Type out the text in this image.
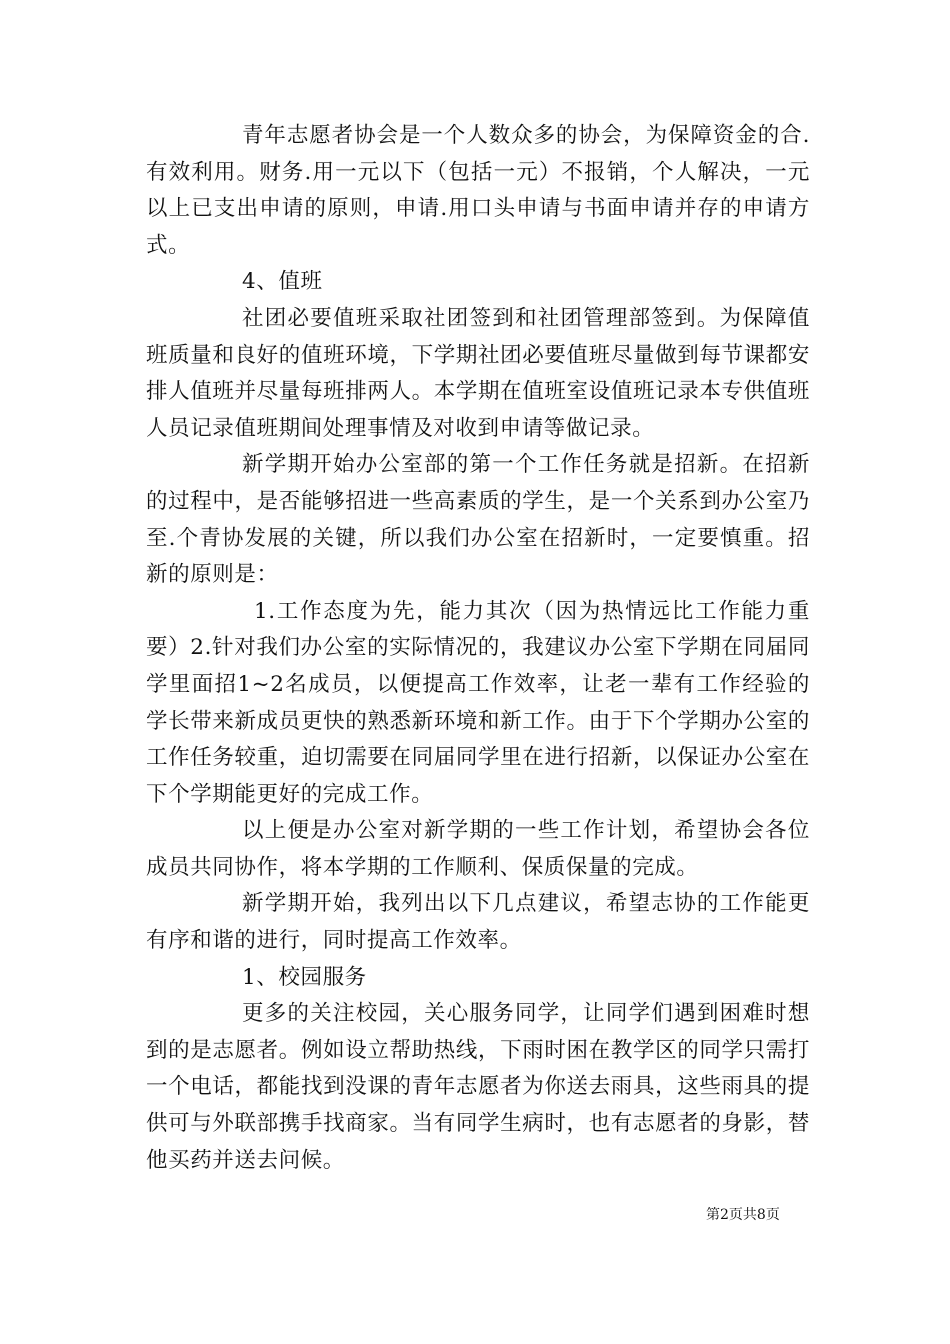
青年志愿者协会是一个人数众多的协会，为保障资金的合.有效利用。财务.用一元以下（包括一元）不报销，个人解决，一元以上已支出申请的原则，申请.用口头申请与书面申请并存的申请方式。

4、值班

社团必要值班采取社团签到和社团管理部签到。为保障值班质量和良好的值班环境，下学期社团必要值班尽量做到每节课都安排人值班并尽量每班排两人。本学期在值班室设值班记录本专供值班人员记录值班期间处理事情及对收到申请等做记录。

新学期开始办公室部的第一个工作任务就是招新。在招新的过程中，是否能够招进一些高素质的学生，是一个关系到办公室乃至.个青协发展的关键，所以我们办公室在招新时，一定要慎重。招新的原则是：

1.工作态度为先，能力其次（因为热情远比工作能力重要）2.针对我们办公室的实际情况的，我建议办公室下学期在同届同学里面招1~2名成员，以便提高工作效率，让老一辈有工作经验的学长带来新成员更快的熟悉新环境和新工作。由于下个学期办公室的工作任务较重，迫切需要在同届同学里在进行招新，以保证办公室在下个学期能更好的完成工作。

以上便是办公室对新学期的一些工作计划，希望协会各位成员共同协作，将本学期的工作顺利、保质保量的完成。

新学期开始，我列出以下几点建议，希望志协的工作能更有序和谐的进行，同时提高工作效率。

1、校园服务

更多的关注校园，关心服务同学，让同学们遇到困难时想到的是志愿者。例如设立帮助热线，下雨时困在教学区的同学只需打一个电话，都能找到没课的青年志愿者为你送去雨具，这些雨具的提供可与外联部携手找商家。当有同学生病时，也有志愿者的身影，替他买药并送去问候。

第2页共8页
